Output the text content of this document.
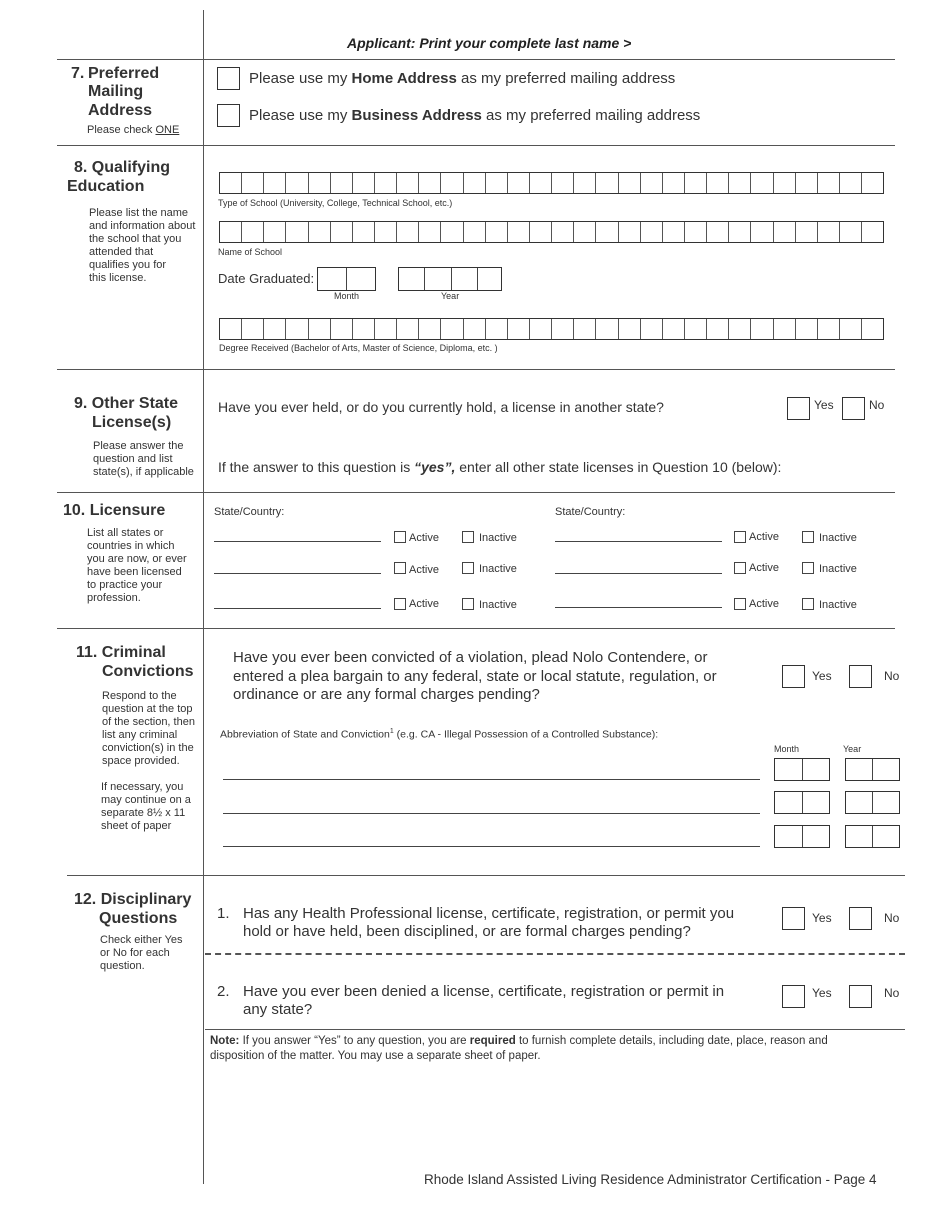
Applicant: Print your complete last name >
7. Preferred
Mailing
Address
Please check ONE
Please use my Home Address as my preferred mailing address
Please use my Business Address as my preferred mailing address
8. Qualifying
Education
Please list the name
and information about
the school that you
attended that
qualifies you for
this license.
Type of School (University, College, Technical School, etc.)
Name of School
Date Graduated:
Month	Year
Degree Received (Bachelor of Arts, Master of Science, Diploma, etc. )
9. Other State
License(s)
Please answer the
question and list
state(s), if applicable
Have you ever held, or do you currently hold, a license in another state?	Yes	No
If the answer to this question is “yes”, enter all other state licenses in Question 10 (below):
10. Licensure
List all states or
countries in which
you are now, or ever
have been licensed
to practice your
profession.
State/Country:	State/Country:
Active	Inactive	Active	Inactive
Active	Inactive	Active	Inactive
Active	Inactive	Active	Inactive
11. Criminal
Convictions
Respond to the
question at the top
of the section, then
list any criminal
conviction(s) in the
space provided.
If necessary, you
may continue on a
separate 8½ x 11
sheet of paper
Have you ever been convicted of a violation, plead Nolo Contendere, or
entered a plea bargain to any federal, state or local statute, regulation, or
ordinance or are any formal charges pending?
Yes	No
Abbreviation of State and Conviction$^1$ (e.g. CA - Illegal Possession of a Controlled Substance):
Month	Year
12. Disciplinary
Questions
Check either Yes
or No for each
question.
1. Has any Health Professional license, certificate, registration, or permit you
hold or have held, been disciplined, or are formal charges pending?
Yes	No
2. Have you ever been denied a license, certificate, registration or permit in
any state?
Yes	No
Note: If you answer “Yes” to any question, you are required to furnish complete details, including date, place, reason and
disposition of the matter. You may use a separate sheet of paper.
Rhode Island Assisted Living Residence Administrator Certification - Page 4
